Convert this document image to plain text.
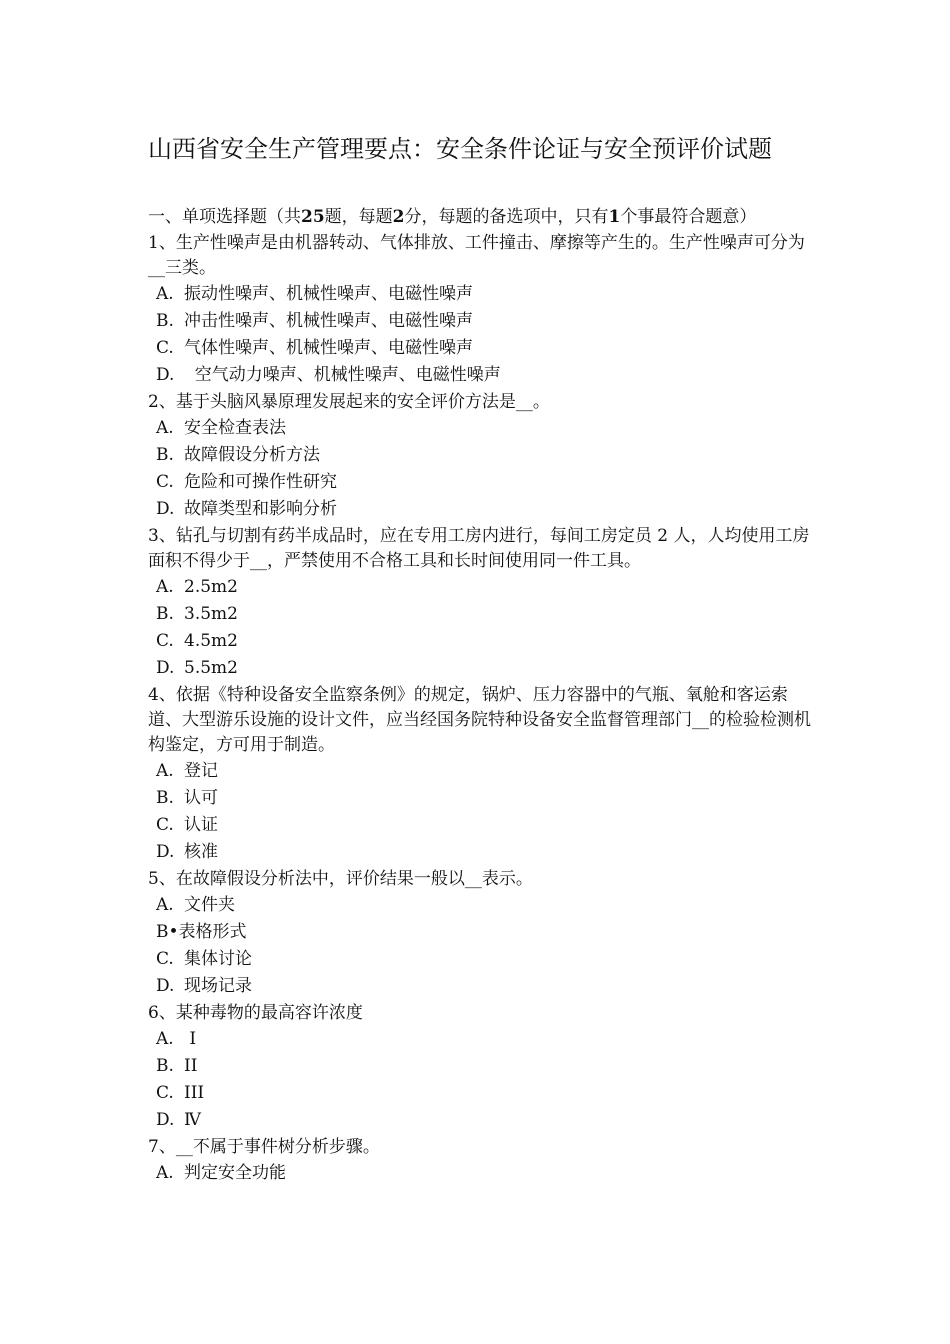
山西省安全生产管理要点：安全条件论证与安全预评价试题

一、单项选择题（共25题，每题2分，每题的备选项中，只有1个事最符合题意）

1、生产性噪声是由机器转动、气体排放、工件撞击、摩擦等产生的。生产性噪声可分为__三类。

A. 振动性噪声、机械性噪声、电磁性噪声

B. 冲击性噪声、机械性噪声、电磁性噪声

C. 气体性噪声、机械性噪声、电磁性噪声

D.  空气动力噪声、机械性噪声、电磁性噪声

2、基于头脑风暴原理发展起来的安全评价方法是__。

A. 安全检查表法

B. 故障假设分析方法

C. 危险和可操作性研究

D. 故障类型和影响分析

3、钻孔与切割有药半成品时，应在专用工房内进行，每间工房定员 2 人，人均使用工房面积不得少于__，严禁使用不合格工具和长时间使用同一件工具。

A. 2.5m2

B. 3.5m2

C. 4.5m2

D. 5.5m2

4、依据《特种设备安全监察条例》的规定，锅炉、压力容器中的气瓶、氧舱和客运索道、大型游乐设施的设计文件，应当经国务院特种设备安全监督管理部门__的检验检测机构鉴定，方可用于制造。

A. 登记

B. 认可

C. 认证

D. 核准

5、在故障假设分析法中，评价结果一般以__表示。

A. 文件夹

B•表格形式

C. 集体讨论

D. 现场记录

6、某种毒物的最高容许浓度

A. Ⅰ

B. ⅠⅠ

C. ⅠⅠⅠ

D. Ⅳ

7、__不属于事件树分析步骤。

A. 判定安全功能
